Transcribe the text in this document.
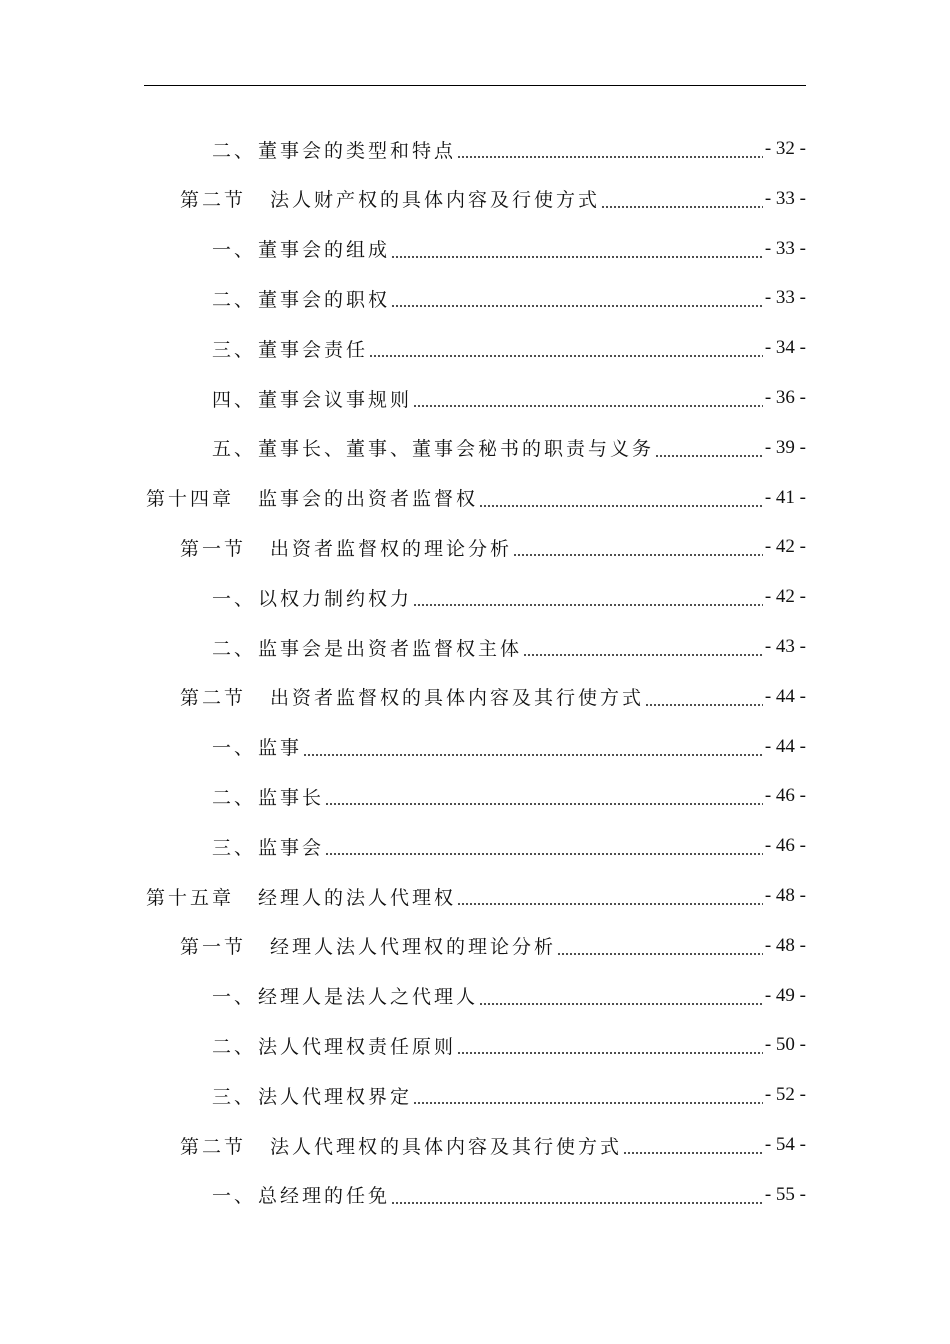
二、 董事会的类型和特点	- 32 -
第二节	法人财产权的具体内容及行使方式	- 33 -
一、 董事会的组成	- 33 -
二、 董事会的职权	- 33 -
三、 董事会责任	- 34 -
四、 董事会议事规则	- 36 -
五、 董事长、董事、董事会秘书的职责与义务	- 39 -
第十四章	监事会的出资者监督权	- 41 -
第一节	出资者监督权的理论分析	- 42 -
一、 以权力制约权力	- 42 -
二、 监事会是出资者监督权主体	- 43 -
第二节	出资者监督权的具体内容及其行使方式	- 44 -
一、 监事	- 44 -
二、 监事长	- 46 -
三、 监事会	- 46 -
第十五章	经理人的法人代理权	- 48 -
第一节	经理人法人代理权的理论分析	- 48 -
一、 经理人是法人之代理人	- 49 -
二、 法人代理权责任原则	- 50 -
三、 法人代理权界定	- 52 -
第二节	法人代理权的具体内容及其行使方式	- 54 -
一、 总经理的任免	- 55 -
